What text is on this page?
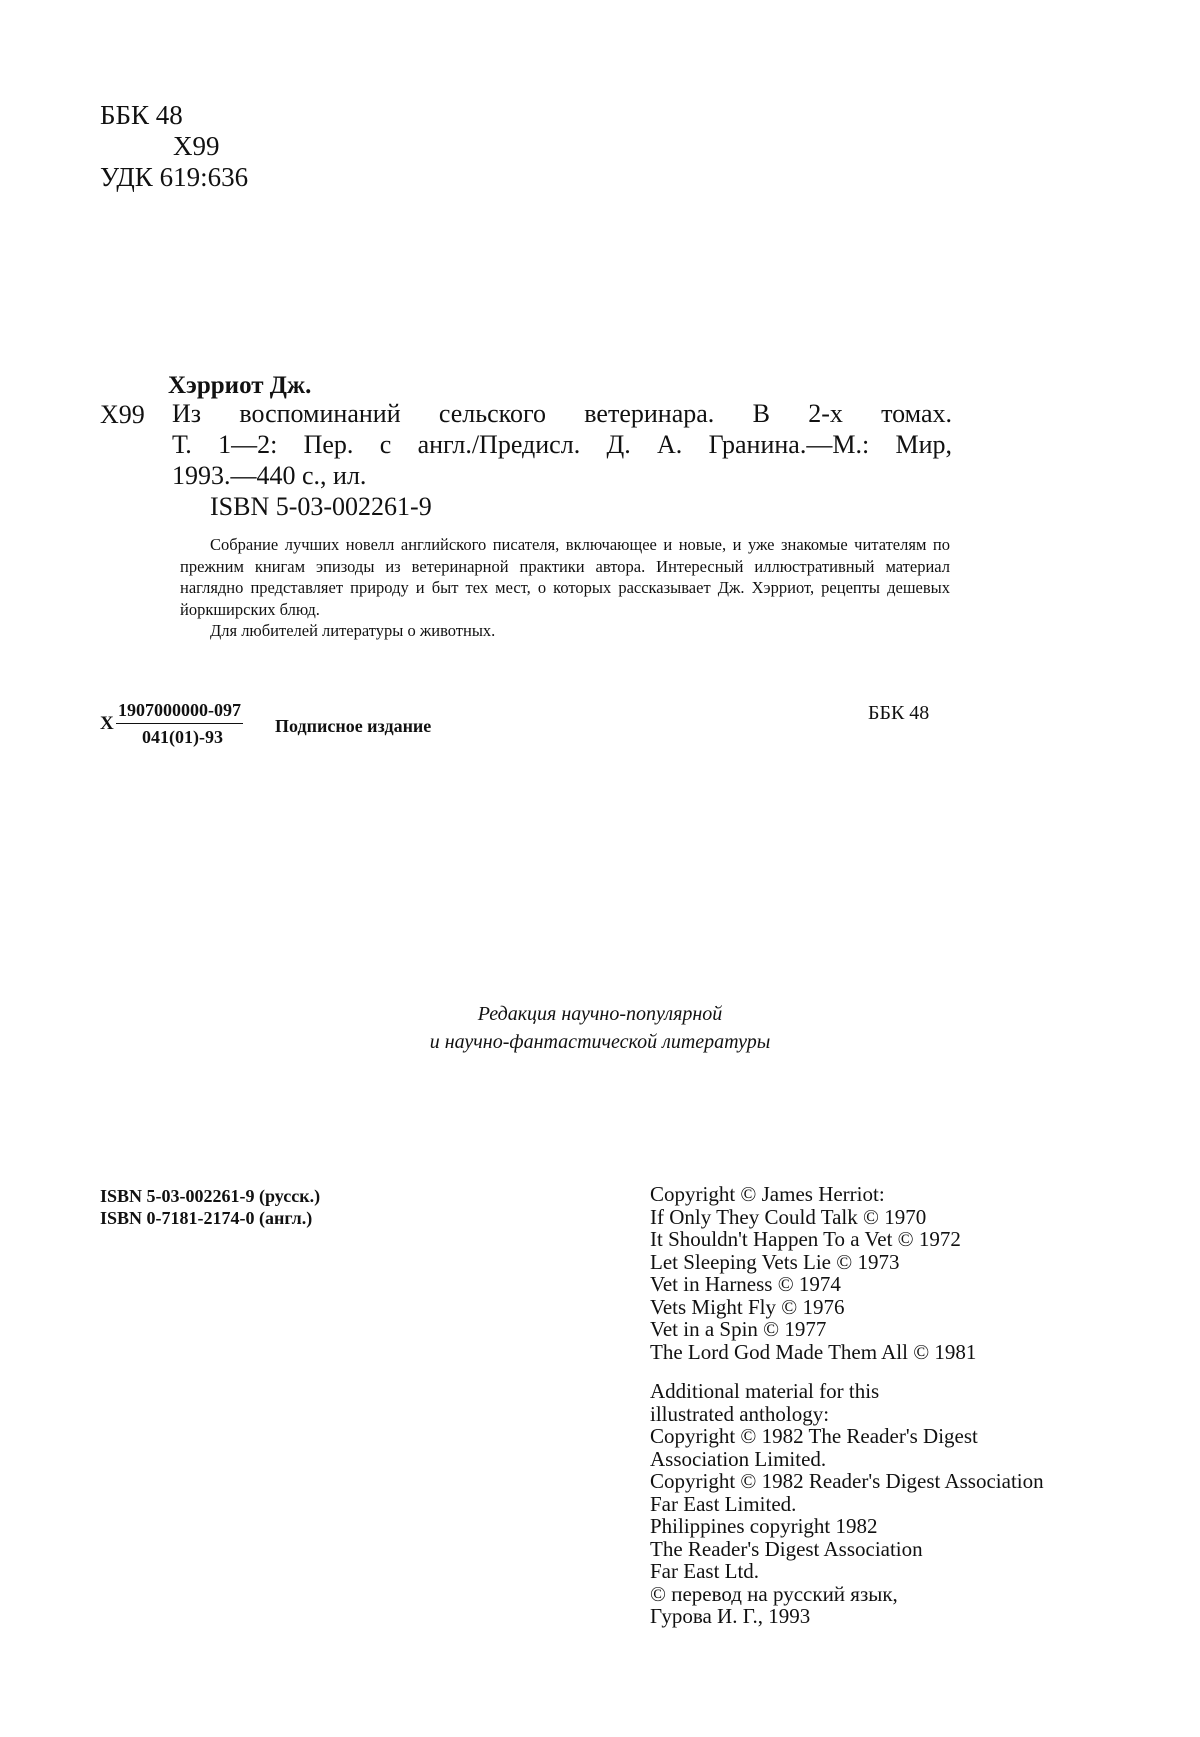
ББК 48
Х99
УДК 619:636
Хэрриот Дж.
Х99 Из воспоминаний сельского ветеринара. В 2-х томах.
Т. 1—2: Пер. с англ./Предисл. Д. А. Гранина.—М.: Мир,
1993.—440 с., ил.
ISBN 5-03-002261-9
Собрание лучших новелл английского писателя, включающее и новые, и уже знакомые читателям по прежним книгам эпизоды из ветеринарной практики автора. Интересный иллюстративный материал наглядно представляет природу и быт тех мест, о которых рассказывает Дж. Хэрриот, рецепты дешевых йоркширских блюд.
Для любителей литературы о животных.
Х $\frac{1907000000-097}{041(01)-93}$ Подписное издание
ББК 48
Редакция научно-популярной
и научно-фантастической литературы
ISBN 5-03-002261-9 (русск.)
ISBN 0-7181-2174-0 (англ.)
Copyright © James Herriot:
If Only They Could Talk © 1970
It Shouldn't Happen To a Vet © 1972
Let Sleeping Vets Lie © 1973
Vet in Harness © 1974
Vets Might Fly © 1976
Vet in a Spin © 1977
The Lord God Made Them All © 1981
Additional material for this
illustrated anthology:
Copyright © 1982 The Reader's Digest
Association Limited.
Copyright © 1982 Reader's Digest Association
Far East Limited.
Philippines copyright 1982
The Reader's Digest Association
Far East Ltd.
© перевод на русский язык,
Гурова И. Г., 1993
